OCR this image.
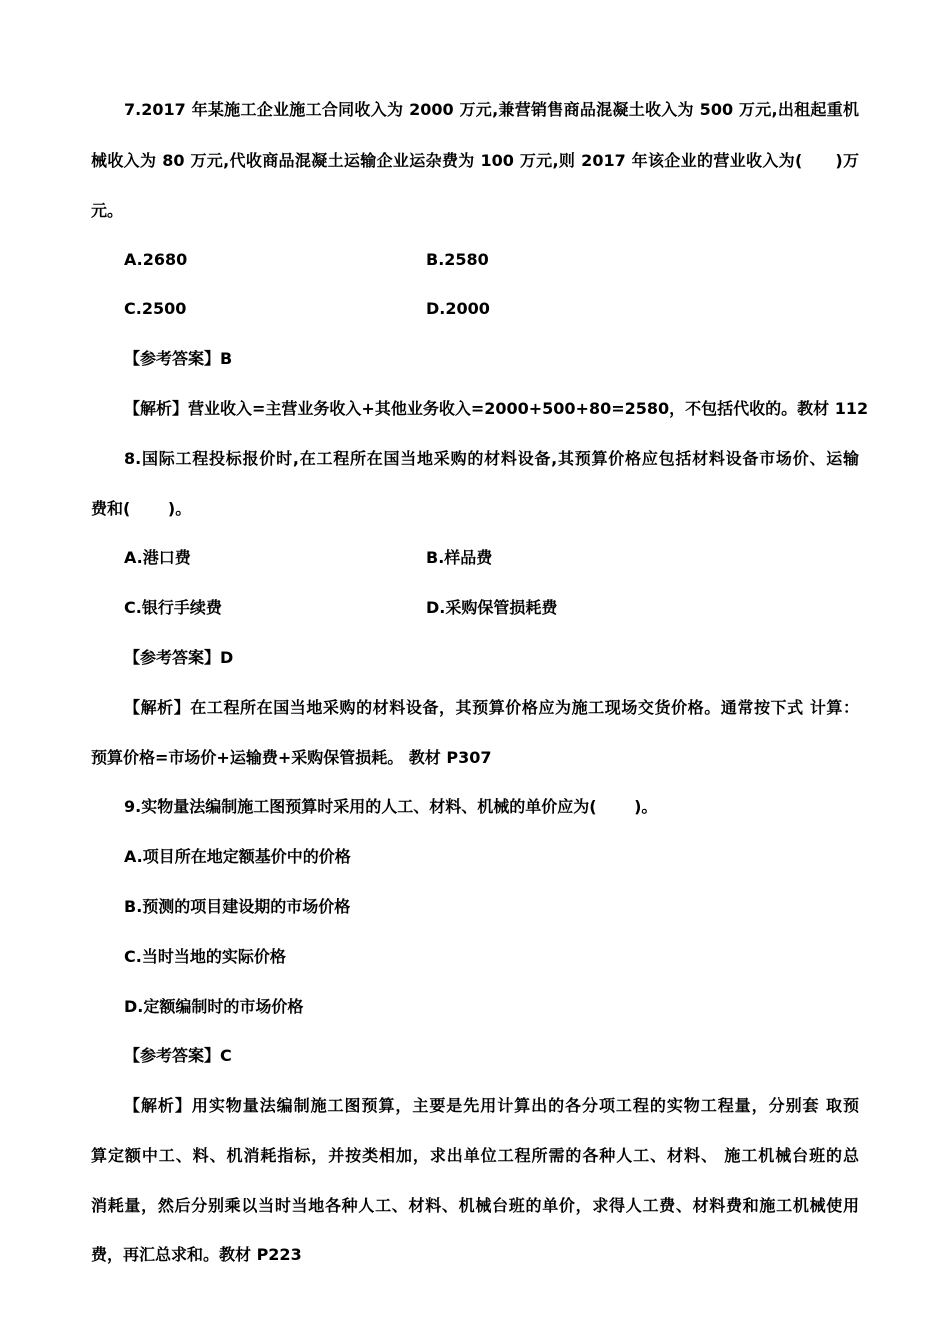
7.2017 年某施工企业施工合同收入为 2000 万元,兼营销售商品混凝土收入为 500 万元,出租起重机
械收入为 80 万元,代收商品混凝土运输企业运杂费为 100 万元,则 2017 年该企业的营业收入为(　　)万
元。
A.2680	B.2580
C.2500	D.2000
【参考答案】B
【解析】营业收入=主营业务收入+其他业务收入=2000+500+80=2580，不包括代收的。教材 112
8.国际工程投标报价时,在工程所在国当地采购的材料设备,其预算价格应包括材料设备市场价、运输
费和(　　 )。
A.港口费	B.样品费
C.银行手续费	D.采购保管损耗费
【参考答案】D
【解析】在工程所在国当地采购的材料设备，其预算价格应为施工现场交货价格。通常按下式 计算：
预算价格=市场价+运输费+采购保管损耗。 教材 P307
9.实物量法编制施工图预算时采用的人工、材料、机械的单价应为(　　 )。
A.项目所在地定额基价中的价格
B.预测的项目建设期的市场价格
C.当时当地的实际价格
D.定额编制时的市场价格
【参考答案】C
【解析】用实物量法编制施工图预算，主要是先用计算出的各分项工程的实物工程量，分别套 取预
算定额中工、料、机消耗指标，并按类相加，求出单位工程所需的各种人工、材料、 施工机械台班的总
消耗量，然后分别乘以当时当地各种人工、材料、机械台班的单价，求得人工费、材料费和施工机械使用
费，再汇总求和。教材 P223
